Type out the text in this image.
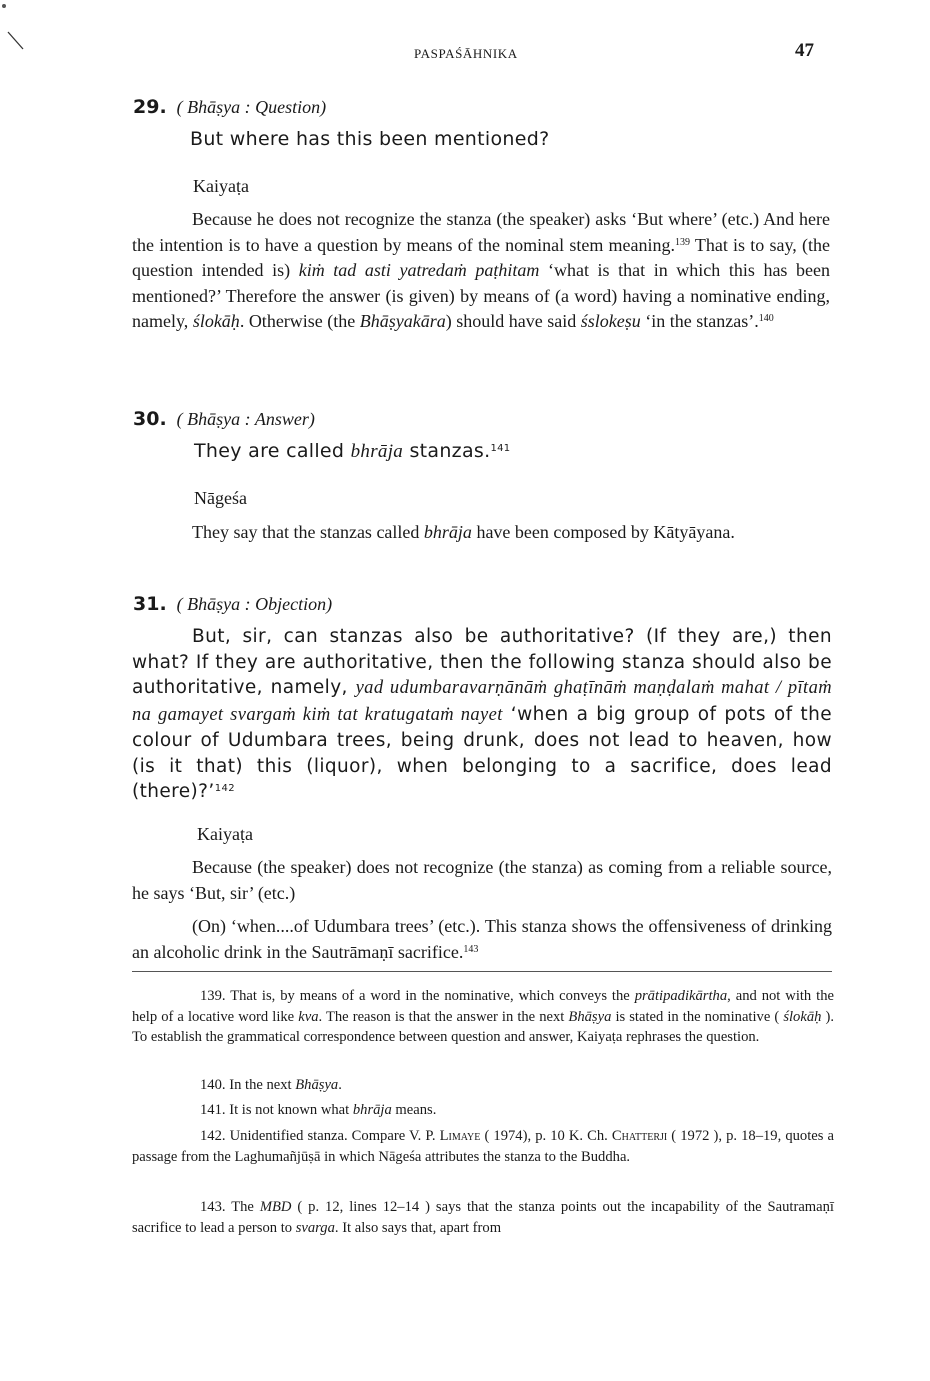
PASPAŚĀHNIKA	47
29. ( Bhāṣya : Question)
But where has this been mentioned?
Kaiyaṭa
Because he does not recognize the stanza (the speaker) asks ‘But where’ (etc.) And here the intention is to have a question by means of the nominal stem meaning.$^{139}$ That is to say, (the question intended is) kiṁ tad asti yatredaṁ paṭhitam ‘what is that in which this has been mentioned?’ Therefore the answer (is given) by means of (a word) having a nominative ending, namely, ślokāḥ. Otherwise (the Bhāṣyakāra) should have said śslokeṣu ‘in the stanzas’.$^{140}$
30. ( Bhāṣya : Answer)
They are called bhrāja stanzas.$^{141}$
Nāgeśa
They say that the stanzas called bhrāja have been composed by Kātyāyana.
31. ( Bhāṣya : Objection)
But, sir, can stanzas also be authoritative? (If they are,) then what? If they are authoritative, then the following stanza should also be authoritative, namely, yad udumbaravarṇānāṁ ghaṭīnāṁ maṇḍalaṁ mahat / pītaṁ na gamayet svargaṁ kiṁ tat kratugataṁ nayet ‘when a big group of pots of the colour of Udumbara trees, being drunk, does not lead to heaven, how (is it that) this (liquor), when belonging to a sacrifice, does lead (there)?’$^{142}$
Kaiyaṭa
Because (the speaker) does not recognize (the stanza) as coming from a reliable source, he says ‘But, sir’ (etc.)
(On) ‘when....of Udumbara trees’ (etc.). This stanza shows the offensiveness of drinking an alcoholic drink in the Sautrāmaṇī sacrifice.$^{143}$
139. That is, by means of a word in the nominative, which conveys the prātipadikārtha, and not with the help of a locative word like kva. The reason is that the answer in the next Bhāṣya is stated in the nominative ( ślokāḥ ). To establish the grammatical correspondence between question and answer, Kaiyaṭa rephrases the question.
140. In the next Bhāṣya.
141. It is not known what bhrāja means.
142. Unidentified stanza. Compare V. P. Limaye ( 1974), p. 10 K. Ch. Chatterji ( 1972 ), p. 18–19, quotes a passage from the Laghumañjūṣā in which Nāgeśa attributes the stanza to the Buddha.
143. The MBD ( p. 12, lines 12–14 ) says that the stanza points out the incapability of the Sautramaṇī sacrifice to lead a person to svarga. It also says that, apart from
